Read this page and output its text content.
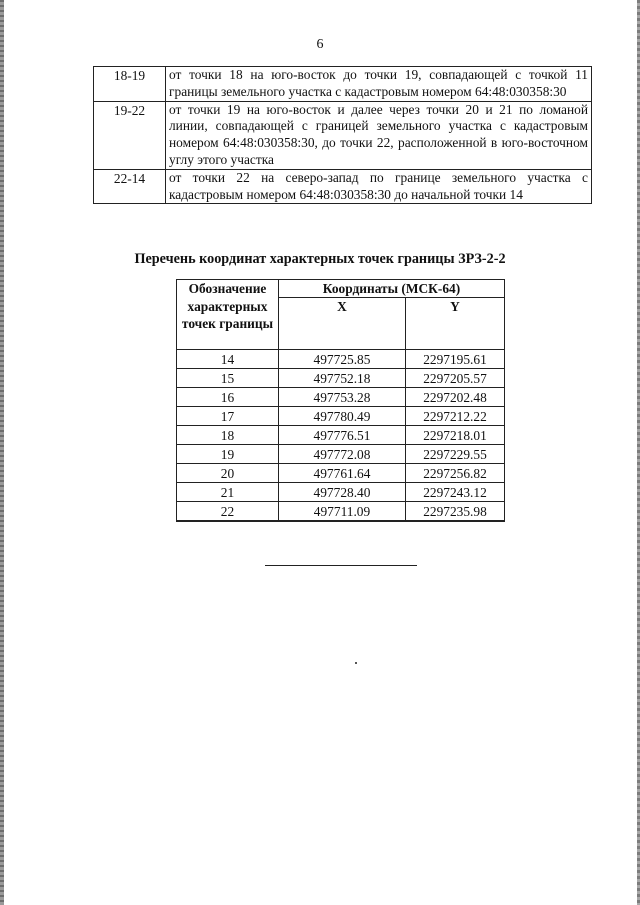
6
18-19	от точки 18 на юго-восток до точки 19, совпадающей с точкой 11 границы земельного участка с кадастровым номером 64:48:030358:30
19-22	от точки 19 на юго-восток и далее через точки 20 и 21 по ломаной линии, совпадающей с границей земельного участка с кадастровым номером 64:48:030358:30, до точки 22, расположенной в юго-восточном углу этого участка
22-14	от точки 22 на северо-запад по границе земельного участка с кадастровым номером 64:48:030358:30 до начальной точки 14
Перечень координат характерных точек границы ЗРЗ-2-2
Обозначение характерных точек границы	Координаты (МСК-64)	
	X	Y
14	497725.85	2297195.61
15	497752.18	2297205.57
16	497753.28	2297202.48
17	497780.49	2297212.22
18	497776.51	2297218.01
19	497772.08	2297229.55
20	497761.64	2297256.82
21	497728.40	2297243.12
22	497711.09	2297235.98
